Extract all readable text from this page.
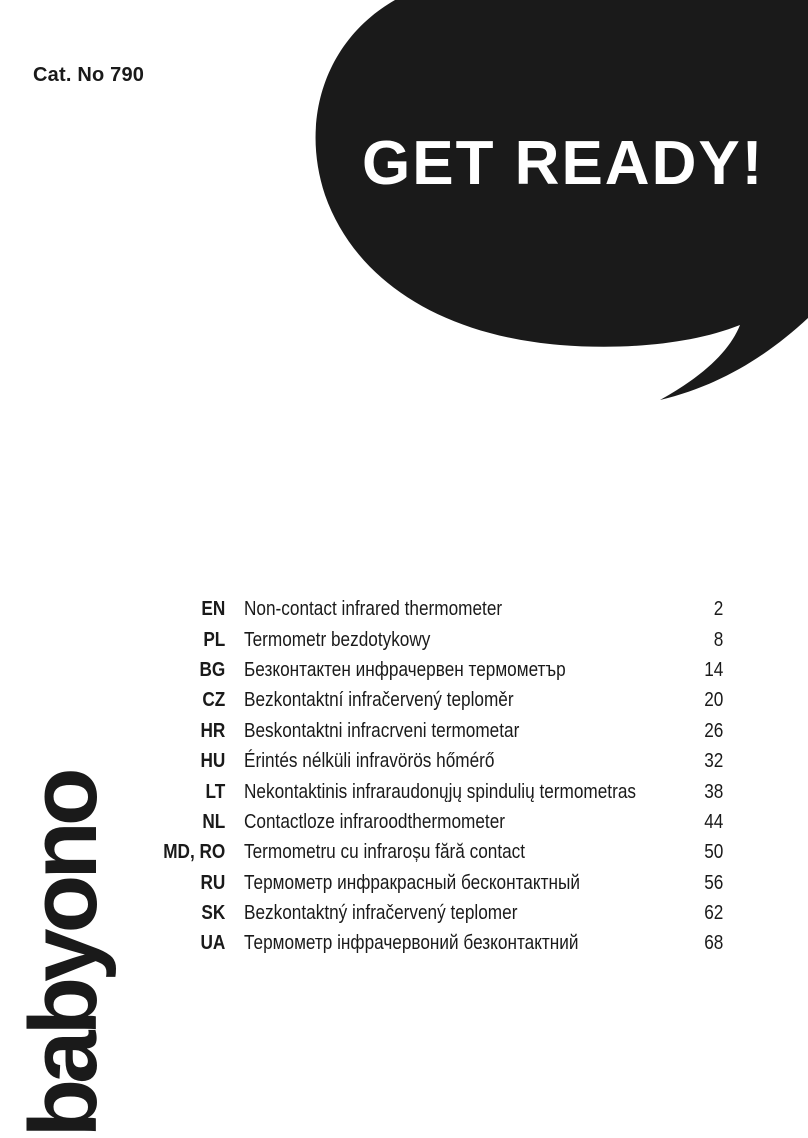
Cat. No 790
GET READY!
EN	Non-contact infrared thermometer	2
PL	Termometr bezdotykowy	8
BG	Безконтактен инфрачервен термометър	14
CZ	Bezkontaktní infračervený teploměr	20
HR	Beskontaktni infracrveni termometar	26
HU	Érintés nélküli infravörös hőmérő	32
LT	Nekontaktinis infraraudonųjų spindulių termometras	38
NL	Contactloze infraroodthermometer	44
MD, RO	Termometru cu infraroșu fără contact	50
RU	Термометр инфракрасный бесконтактный	56
SK	Bezkontaktný infračervený teplomer	62
UA	Термометр інфрачервоний безконтактний	68
babyono
